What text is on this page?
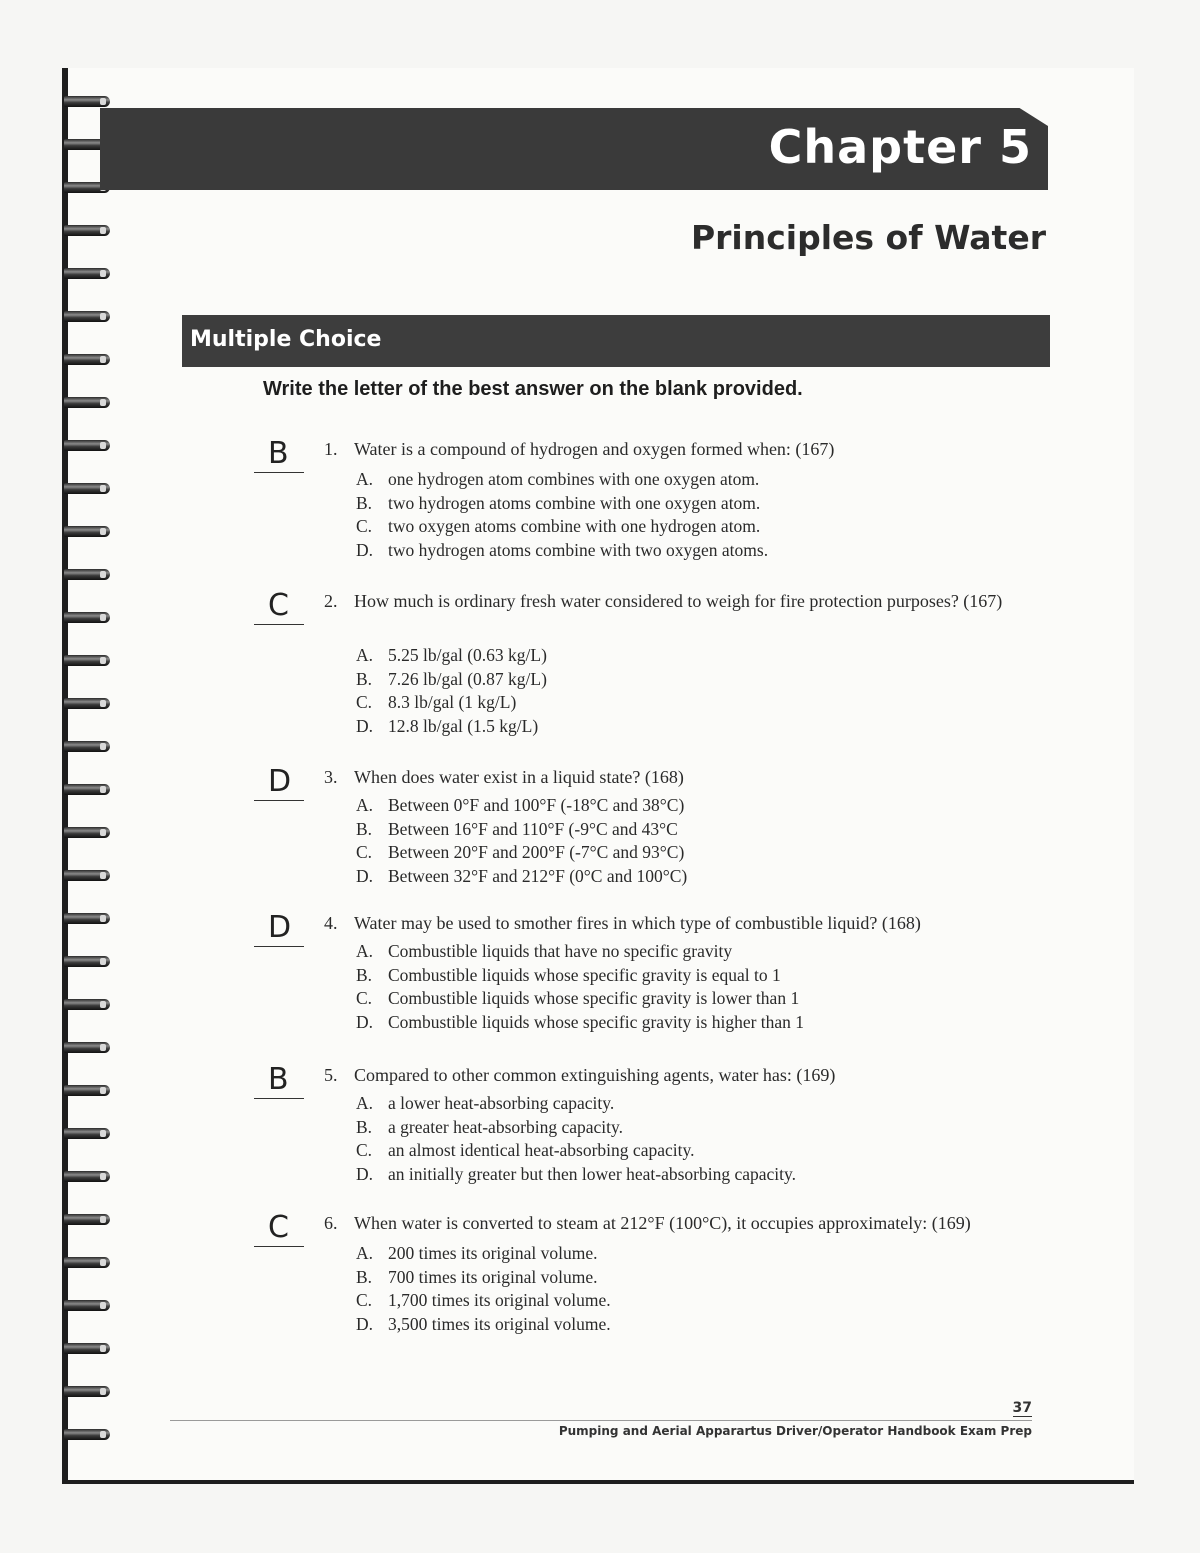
Chapter 5
Principles of Water
Multiple Choice
Write the letter of the best answer on the blank provided.
B 1. Water is a compound of hydrogen and oxygen formed when: (167)
A. one hydrogen atom combines with one oxygen atom.
B. two hydrogen atoms combine with one oxygen atom.
C. two oxygen atoms combine with one hydrogen atom.
D. two hydrogen atoms combine with two oxygen atoms.
C 2. How much is ordinary fresh water considered to weigh for fire protection purposes? (167)
A. 5.25 lb/gal (0.63 kg/L)
B. 7.26 lb/gal (0.87 kg/L)
C. 8.3 lb/gal (1 kg/L)
D. 12.8 lb/gal (1.5 kg/L)
D 3. When does water exist in a liquid state? (168)
A. Between 0°F and 100°F (-18°C and 38°C)
B. Between 16°F and 110°F (-9°C and 43°C
C. Between 20°F and 200°F (-7°C and 93°C)
D. Between 32°F and 212°F (0°C and 100°C)
D 4. Water may be used to smother fires in which type of combustible liquid? (168)
A. Combustible liquids that have no specific gravity
B. Combustible liquids whose specific gravity is equal to 1
C. Combustible liquids whose specific gravity is lower than 1
D. Combustible liquids whose specific gravity is higher than 1
B 5. Compared to other common extinguishing agents, water has: (169)
A. a lower heat-absorbing capacity.
B. a greater heat-absorbing capacity.
C. an almost identical heat-absorbing capacity.
D. an initially greater but then lower heat-absorbing capacity.
C 6. When water is converted to steam at 212°F (100°C), it occupies approximately: (169)
A. 200 times its original volume.
B. 700 times its original volume.
C. 1,700 times its original volume.
D. 3,500 times its original volume.
37
Pumping and Aerial Apparartus Driver/Operator Handbook Exam Prep
